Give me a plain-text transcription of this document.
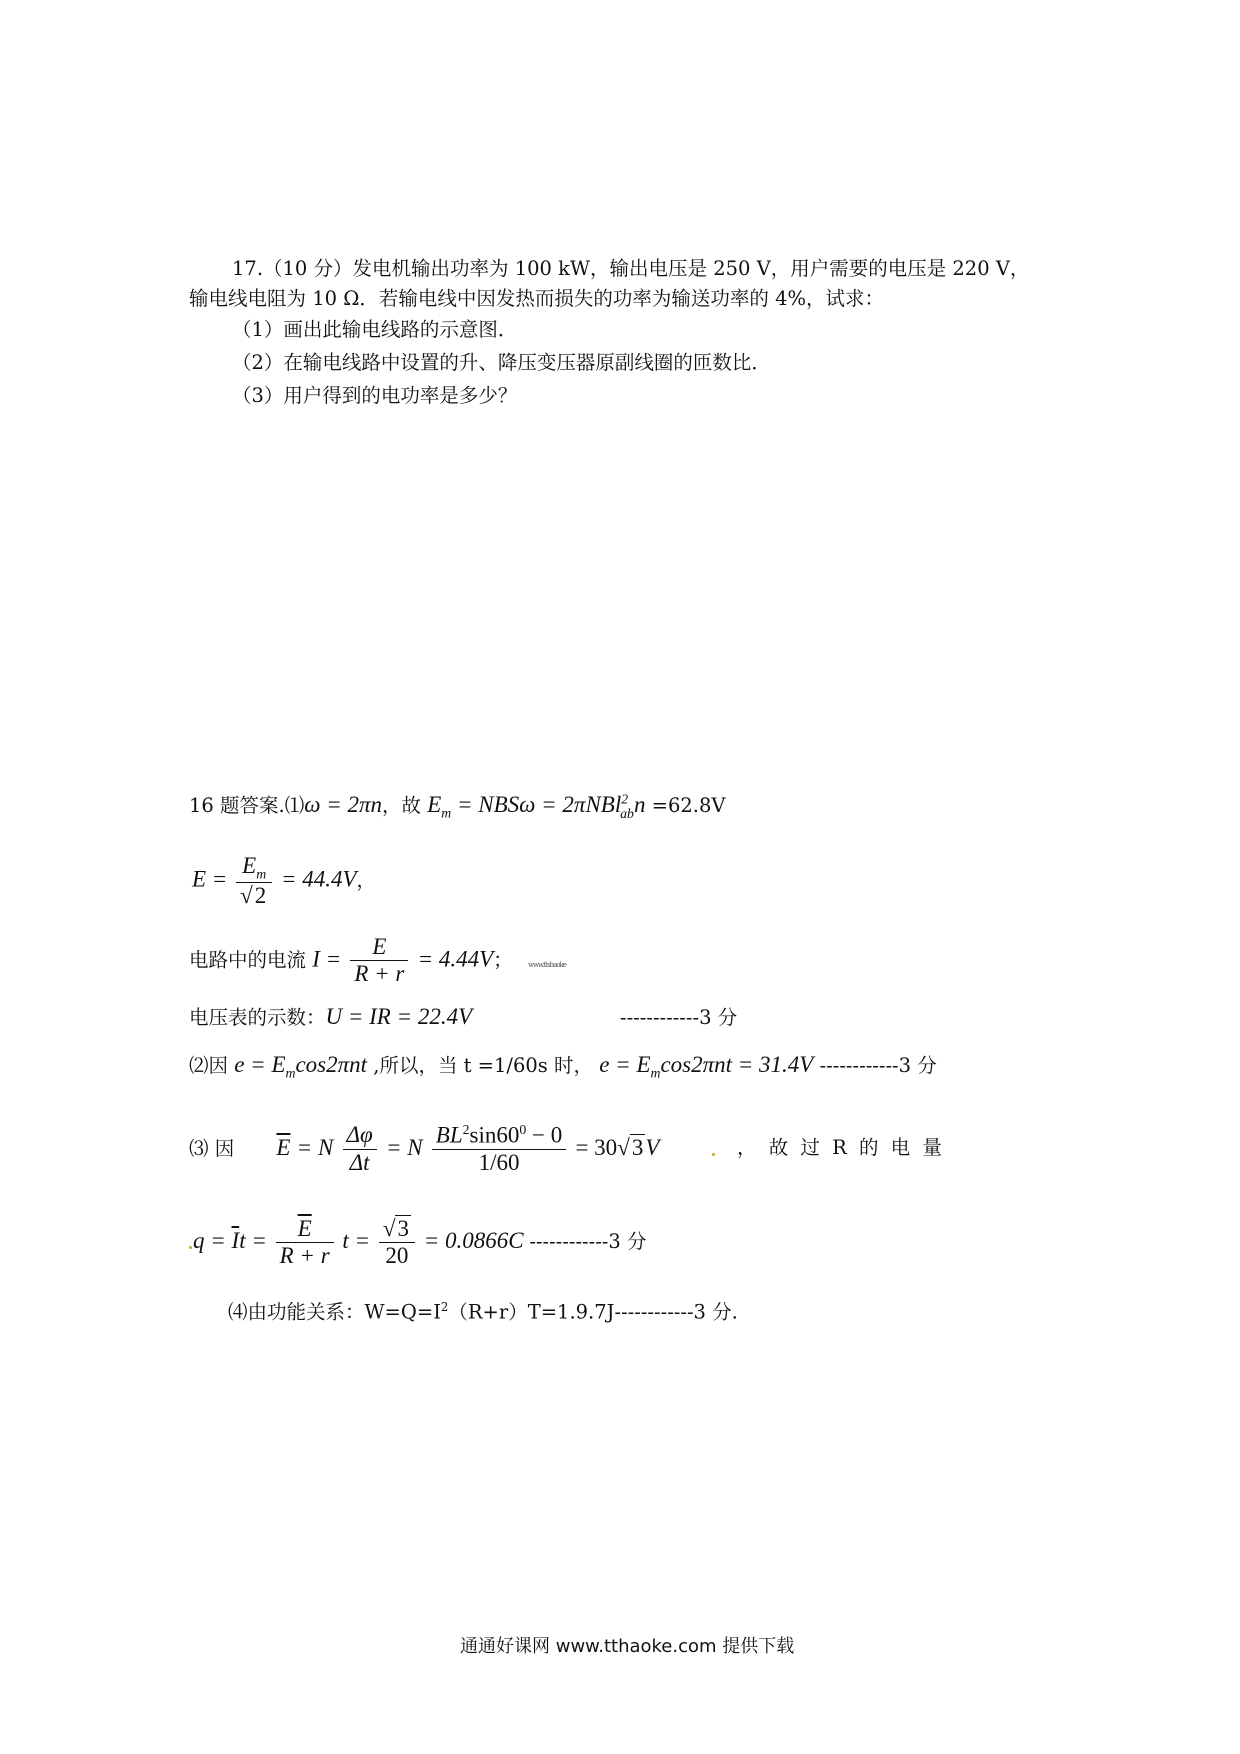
17.（10 分）发电机输出功率为 100 kW，输出电压是 250 V，用户需要的电压是 220 V，
输电线电阻为 10 Ω．若输电线中因发热而损失的功率为输送功率的 4%，试求：
（1）画出此输电线路的示意图．
（2）在输电线路中设置的升、降压变压器原副线圈的匝数比．
（3）用户得到的电功率是多少？
16 题答案.⑴ω = 2πn，故 $E_m = NBS\omega = 2\pi NBl^2_{ab}n =62.8V$
$E = \frac{E_m}{√2} = 44.4V$，
电路中的电流 $I = \frac{E}{R + r} = 4.44V$； www.ttshaoke
电压表的示数：U = IR = 22.4V	------------3 分
⑵因 $e = E_m\cos 2\pi nt$ ,所以，当 t =1/60s 时， $e = E_m\cos 2\pi nt = 31.4V$ ------------3 分
⑶ 因 $\overline{E} = N \frac{\Delta\varphi}{\Delta t} = N \frac{BL^2\sin 60^0 - 0}{1/60} = 30√3V$	， 故 过 R 的 电 量
$q = \overline{I}t = \frac{\overline{E}}{R + r}$ $t = \frac{√3}{20} = 0.0866C$ ------------3 分
⑷由功能关系：$W=Q=I^2(R+r)T=1.9.7J------------3$ 分.
通通好课网 www.tthaoke.com 提供下载
